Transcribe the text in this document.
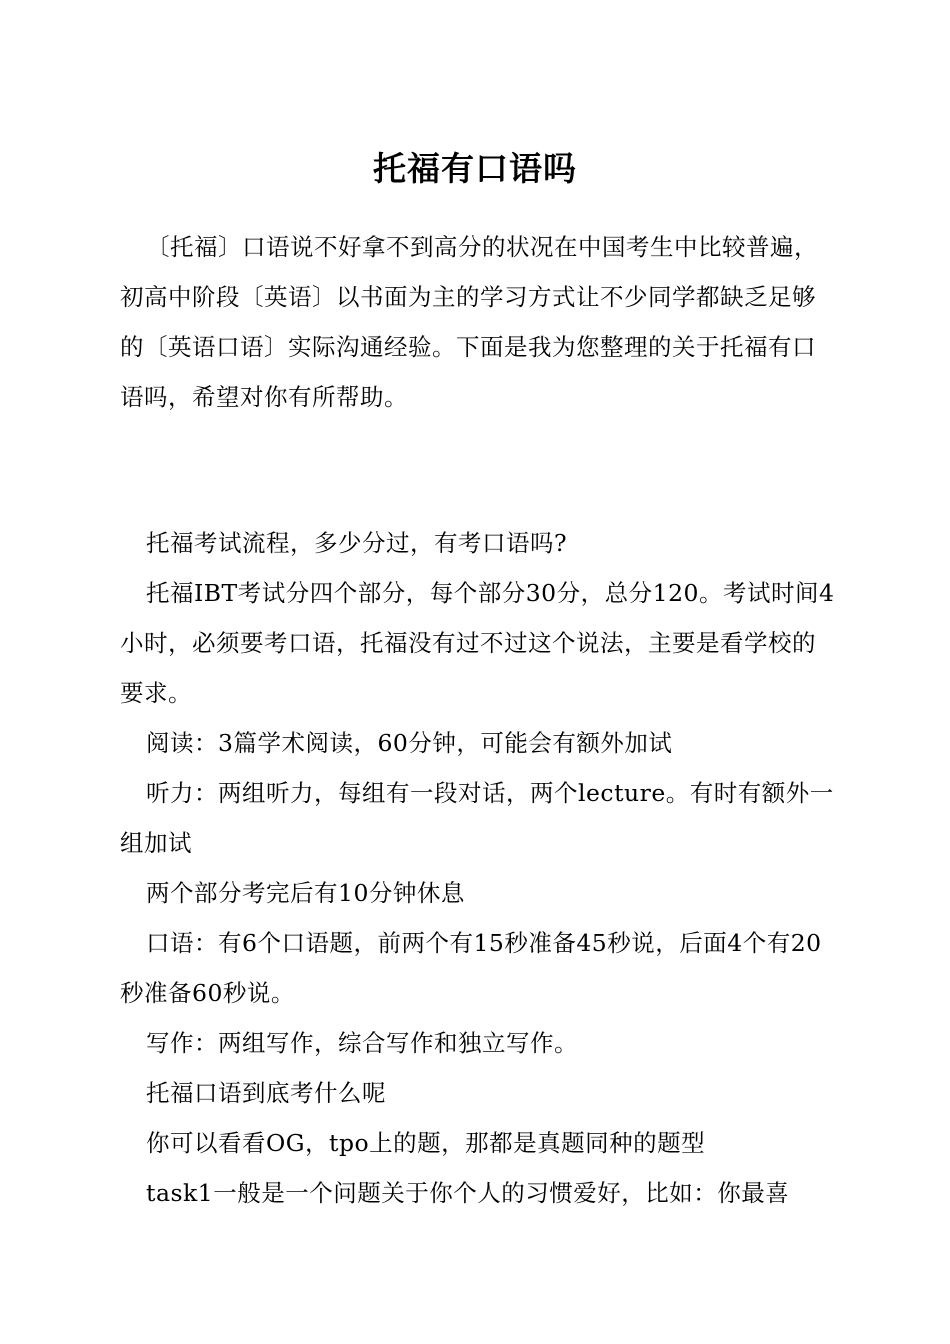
托福有口语吗

〔托福〕口语说不好拿不到高分的状况在中国考生中比较普遍，初高中阶段〔英语〕以书面为主的学习方式让不少同学都缺乏足够的〔英语口语〕实际沟通经验。下面是我为您整理的关于托福有口语吗，希望对你有所帮助。

托福考试流程，多少分过，有考口语吗?

托福IBT考试分四个部分，每个部分30分，总分120。考试时间4小时，必须要考口语，托福没有过不过这个说法，主要是看学校的要求。

阅读：3篇学术阅读，60分钟，可能会有额外加试

听力：两组听力，每组有一段对话，两个lecture。有时有额外一组加试

两个部分考完后有10分钟休息

口语：有6个口语题，前两个有15秒准备45秒说，后面4个有20秒准备60秒说。

写作：两组写作，综合写作和独立写作。

托福口语到底考什么呢

你可以看看OG，tpo上的题，那都是真题同种的题型

task1一般是一个问题关于你个人的习惯爱好，比如：你最喜
